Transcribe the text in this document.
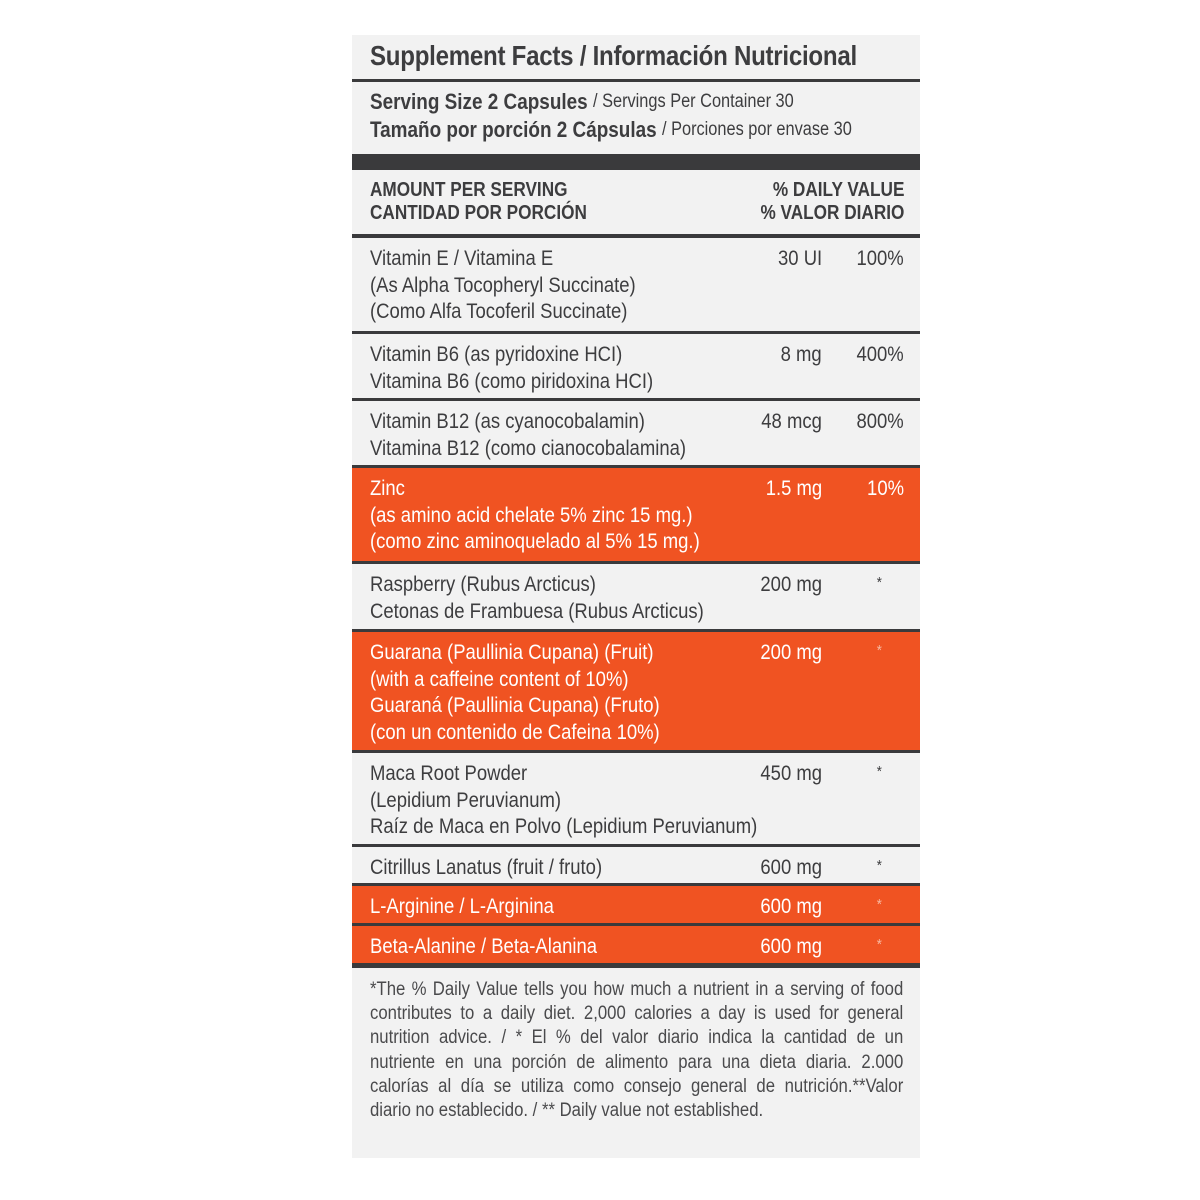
Supplement Facts / Información Nutricional
Serving Size 2 Capsules / Servings Per Container 30
Tamaño por porción 2 Cápsulas / Porciones por envase 30
AMOUNT PER SERVING
CANTIDAD POR PORCIÓN
% DAILY VALUE
% VALOR DIARIO
Vitamin E / Vitamina E
(As Alpha Tocopheryl Succinate)
(Como Alfa Tocoferil Succinate)
30 UI 100%
Vitamin B6 (as pyridoxine HCI)
Vitamina B6 (como piridoxina HCI)
8 mg 400%
Vitamin B12 (as cyanocobalamin)
Vitamina B12 (como cianocobalamina)
48 mcg 800%
Zinc
(as amino acid chelate 5% zinc 15 mg.)
(como zinc aminoquelado al 5% 15 mg.)
1.5 mg 10%
Raspberry (Rubus Arcticus)
Cetonas de Frambuesa (Rubus Arcticus)
200 mg	*
Guarana (Paullinia Cupana) (Fruit)
(with a caffeine content of 10%)
Guaraná (Paullinia Cupana) (Fruto)
(con un contenido de Cafeina 10%)
200 mg	*
Maca Root Powder
(Lepidium Peruvianum)
Raíz de Maca en Polvo (Lepidium Peruvianum)
450 mg	*
Citrillus Lanatus (fruit / fruto)	600 mg	*
L-Arginine / L-Arginina	600 mg	*
Beta-Alanine / Beta-Alanina	600 mg	*

*The % Daily Value tells you how much a nutrient in a serving of food contributes to a daily diet. 2,000 calories a day is used for general nutrition advice. / * El % del valor diario indica la cantidad de un nutriente en una porción de alimento para una dieta diaria. 2.000 calorías al día se utiliza como consejo general de nutrición.**Valor diario no establecido. / ** Daily value not established.
